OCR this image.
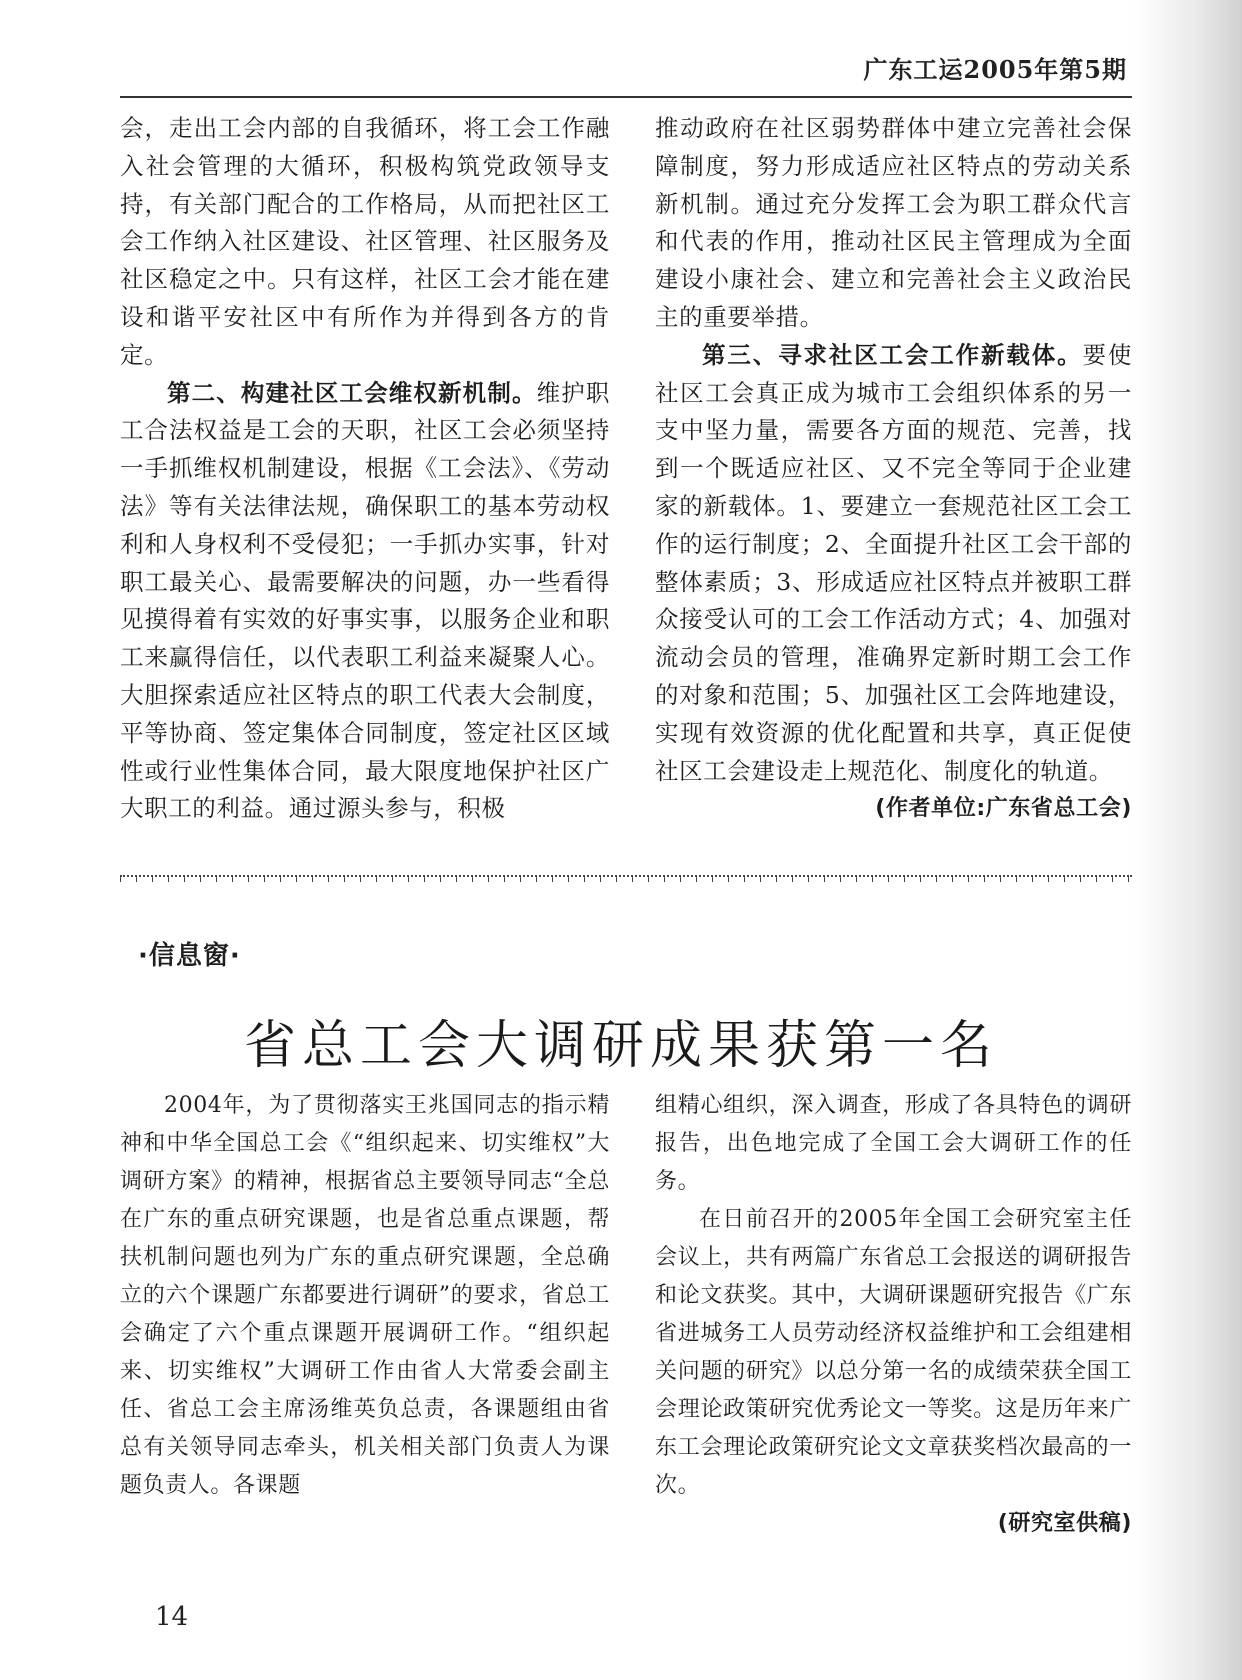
广东工运2005年第5期

会，走出工会内部的自我循环，将工会工作融入社会管理的大循环，积极构筑党政领导支持，有关部门配合的工作格局，从而把社区工会工作纳入社区建设、社区管理、社区服务及社区稳定之中。只有这样，社区工会才能在建设和谐平安社区中有所作为并得到各方的肯定。

第二、构建社区工会维权新机制。维护职工合法权益是工会的天职，社区工会必须坚持一手抓维权机制建设，根据《工会法》、《劳动法》等有关法律法规，确保职工的基本劳动权利和人身权利不受侵犯；一手抓办实事，针对职工最关心、最需要解决的问题，办一些看得见摸得着有实效的好事实事，以服务企业和职工来赢得信任，以代表职工利益来凝聚人心。大胆探索适应社区特点的职工代表大会制度，平等协商、签定集体合同制度，签定社区区域性或行业性集体合同，最大限度地保护社区广大职工的利益。通过源头参与，积极

推动政府在社区弱势群体中建立完善社会保障制度，努力形成适应社区特点的劳动关系新机制。通过充分发挥工会为职工群众代言和代表的作用，推动社区民主管理成为全面建设小康社会、建立和完善社会主义政治民主的重要举措。

第三、寻求社区工会工作新载体。要使社区工会真正成为城市工会组织体系的另一支中坚力量，需要各方面的规范、完善，找到一个既适应社区、又不完全等同于企业建家的新载体。1、要建立一套规范社区工会工作的运行制度；2、全面提升社区工会干部的整体素质；3、形成适应社区特点并被职工群众接受认可的工会工作活动方式；4、加强对流动会员的管理，准确界定新时期工会工作的对象和范围；5、加强社区工会阵地建设，实现有效资源的优化配置和共享，真正促使社区工会建设走上规范化、制度化的轨道。

(作者单位:广东省总工会)

·信息窗·
省总工会大调研成果获第一名

2004年，为了贯彻落实王兆国同志的指示精神和中华全国总工会《“组织起来、切实维权”大调研方案》的精神，根据省总主要领导同志“全总在广东的重点研究课题，也是省总重点课题，帮扶机制问题也列为广东的重点研究课题，全总确立的六个课题广东都要进行调研”的要求，省总工会确定了六个重点课题开展调研工作。“组织起来、切实维权”大调研工作由省人大常委会副主任、省总工会主席汤维英负总责，各课题组由省总有关领导同志牵头，机关相关部门负责人为课题负责人。各课题

组精心组织，深入调查，形成了各具特色的调研报告，出色地完成了全国工会大调研工作的任务。

在日前召开的2005年全国工会研究室主任会议上，共有两篇广东省总工会报送的调研报告和论文获奖。其中，大调研课题研究报告《广东省进城务工人员劳动经济权益维护和工会组建相关问题的研究》以总分第一名的成绩荣获全国工会理论政策研究优秀论文一等奖。这是历年来广东工会理论政策研究论文文章获奖档次最高的一次。

(研究室供稿)

14
